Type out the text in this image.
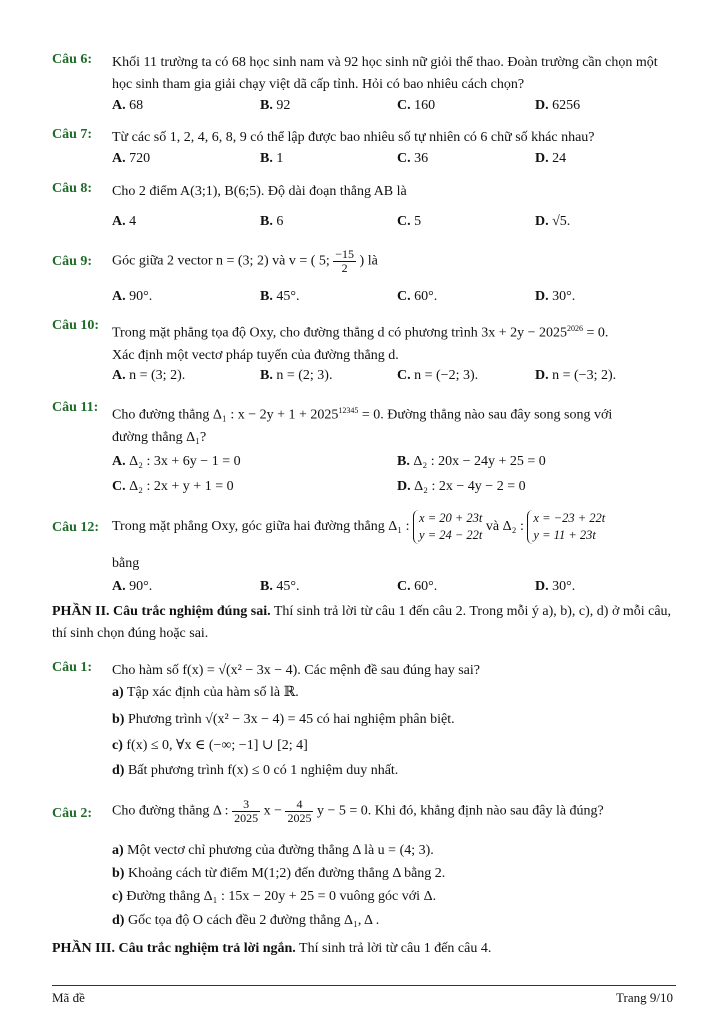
Câu 6: Khối 11 trường ta có 68 học sinh nam và 92 học sinh nữ giỏi thể thao. Đoàn trường cần chọn một học sinh tham gia giải chạy việt dã cấp tỉnh. Hỏi có bao nhiêu cách chọn?
A. 68	B. 92	C. 160	D. 6256
Câu 7: Từ các số 1, 2, 4, 6, 8, 9 có thể lập được bao nhiêu số tự nhiên có 6 chữ số khác nhau?
A. 720	B. 1	C. 36	D. 24
Câu 8: Cho 2 điểm A(3;1), B(6;5). Độ dài đoạn thẳng AB là
A. 4	B. 6	C. 5	D. √5.
Câu 9: Góc giữa 2 vector n = (3; 2) và v = ( 5; $\frac{-15}{2}$ ) là
A. 90°.	B. 45°.	C. 60°.	D. 30°.
Câu 10:
Trong mặt phẳng tọa độ Oxy, cho đường thẳng d có phương trình $3x + 2y - 2025^{2026} = 0$.
Xác định một vectơ pháp tuyến của đường thẳng d.
A. n = (3; 2).	B. n = (2; 3).	C. n = (−2; 3).	D. n = (−3; 2).
Câu 11:
Cho đường thẳng Δ₁ : $x - 2y + 1 + 2025^{12345} = 0$. Đường thẳng nào sau đây song song với
đường thẳng Δ₁?
A. Δ₂ : 3x + 6y − 1 = 0	B. Δ₂ : 20x − 24y + 25 = 0
C. Δ₂ : 2x + y + 1 = 0	D. Δ₂ : 2x − 4y − 2 = 0
Câu 12: Trong mặt phẳng Oxy, góc giữa hai đường thẳng Δ₁ : x = 20 + 23t
y = 24 − 22t và Δ₂ : x = −23 + 22t
y = 11 + 23t
bằng
A. 90°.	B. 45°.	C. 60°.	D. 30°.
PHẦN II. Câu trắc nghiệm đúng sai. Thí sinh trả lời từ câu 1 đến câu 2. Trong mỗi ý a), b), c), d) ở mỗi câu, thí sinh chọn đúng hoặc sai.
Câu 1: Cho hàm số f(x) = √(x² − 3x − 4). Các mệnh đề sau đúng hay sai?
a) Tập xác định của hàm số là ℝ.
b) Phương trình √(x² − 3x − 4) = 45 có hai nghiệm phân biệt.
c) f(x) ≤ 0, ∀x ∈ (−∞; −1] ∪ [2; 4]
d) Bất phương trình f(x) ≤ 0 có 1 nghiệm duy nhất.
Câu 2: Cho đường thẳng Δ : $\frac{3}{2025}$ $x - \frac{4}{2025}$ y − 5 = 0. Khi đó, khẳng định nào sau đây là đúng?
a) Một vectơ chỉ phương của đường thẳng Δ là u = (4; 3).
b) Khoảng cách từ điểm M(1;2) đến đường thẳng Δ bằng 2.
c) Đường thẳng Δ₁ : 15x − 20y + 25 = 0 vuông góc với Δ.
d) Gốc tọa độ O cách đều 2 đường thẳng Δ₁, Δ .
PHẦN III. Câu trắc nghiệm trả lời ngắn. Thí sinh trả lời từ câu 1 đến câu 4.
Mã đề	Trang 9/10
